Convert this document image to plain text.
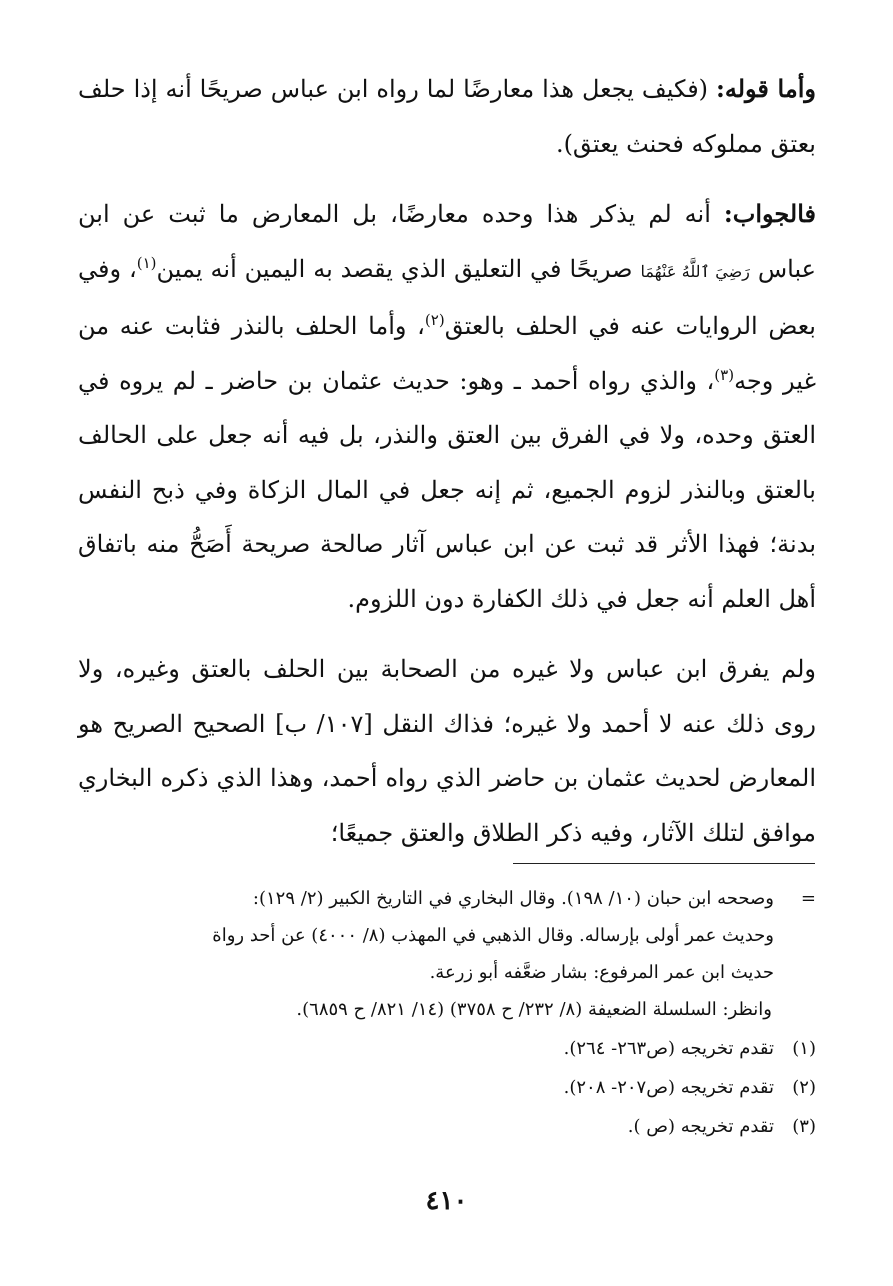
وأما قوله: (فكيف يجعل هذا معارضًا لما رواه ابن عباس صريحًا أنه إذا حلف بعتق مملوكه فحنث يعتق).

فالجواب: أنه لم يذكر هذا وحده معارضًا، بل المعارض ما ثبت عن ابن عباس رَضِيَ ٱللَّهُ عَنْهُمَا صريحًا في التعليق الذي يقصد به اليمين أنه يمين$^{(١)}$، وفي بعض الروايات عنه في الحلف بالعتق$^{(٢)}$، وأما الحلف بالنذر فثابت عنه من غير وجه$^{(٣)}$، والذي رواه أحمد ـ وهو: حديث عثمان بن حاضر ـ لم يروه في العتق وحده، ولا في الفرق بين العتق والنذر، بل فيه أنه جعل على الحالف بالعتق وبالنذر لزوم الجميع، ثم إنه جعل في المال الزكاة وفي ذبح النفس بدنة؛ فهذا الأثر قد ثبت عن ابن عباس آثار صالحة صريحة أَصَحُّ منه باتفاق أهل العلم أنه جعل في ذلك الكفارة دون اللزوم.

ولم يفرق ابن عباس ولا غيره من الصحابة بين الحلف بالعتق وغيره، ولا روى ذلك عنه لا أحمد ولا غيره؛ فذاك النقل [١٠٧/ ب] الصحيح الصريح هو المعارض لحديث عثمان بن حاضر الذي رواه أحمد، وهذا الذي ذكره البخاري موافق لتلك الآثار، وفيه ذكر الطلاق والعتق جميعًا؛

=

وصححه ابن حبان (١٠/ ١٩٨). وقال البخاري في التاريخ الكبير (٢/ ١٢٩):

وحديث عمر أولى بإرساله. وقال الذهبي في المهذب (٨/ ٤٠٠٠) عن أحد رواة

حديث ابن عمر المرفوع: بشار ضعَّفه أبو زرعة.

وانظر: السلسلة الضعيفة (٨/ ٢٣٢/ ح ٣٧٥٨) (١٤/ ٨٢١/ ح ٦٨٥٩).

(١)
تقدم تخريجه (ص٢٦٣- ٢٦٤).
(٢)
تقدم تخريجه (ص٢٠٧- ٢٠٨).
(٣)
تقدم تخريجه (ص ).
٤١٠
